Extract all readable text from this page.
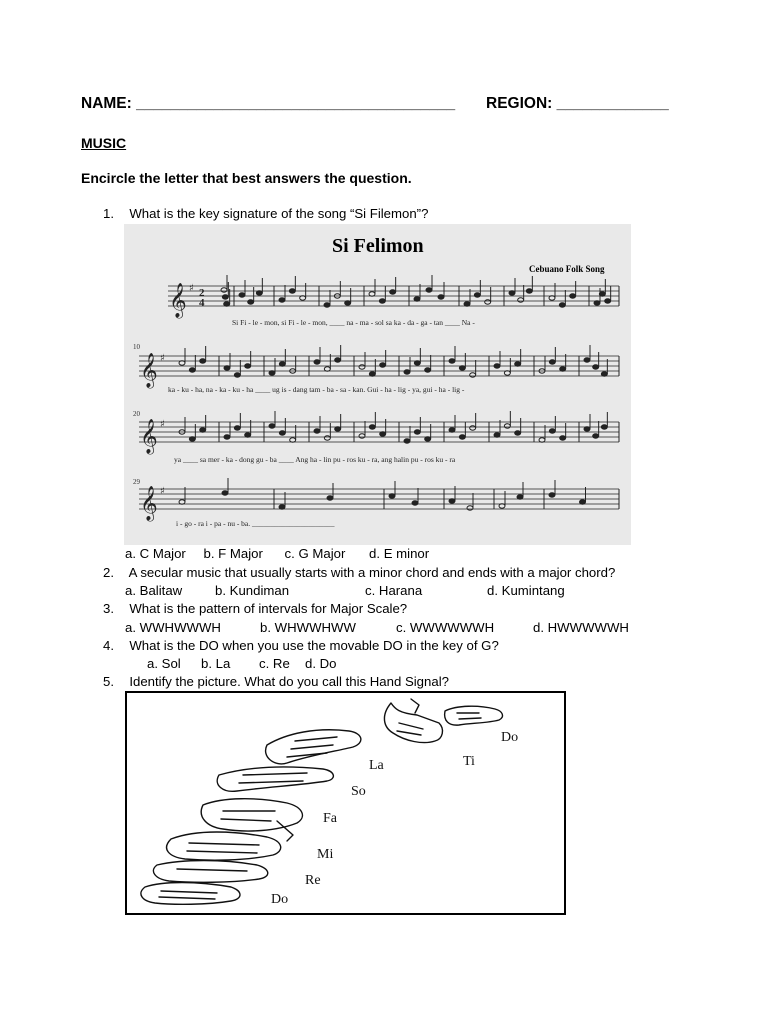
NAME: _____________________________________ REGION: _____________
MUSIC
Encircle the letter that best answers the question.
1. What is the key signature of the song “Si Filemon”?
Si Felimon
Cebuano Folk Song
𝄞
𝄞
𝄞
𝄞
♯
♯
♯
♯
2
4
10
20
29
Si Fi - le - mon, si Fi - le - mon, ____ na - ma - sol sa ka - da - ga - tan ____ Na -
ka - ku - ha, na - ka - ku - ha ____ ug is - dang tam - ba - sa - kan. Gui - ha - lig - ya, gui - ha - lig -
ya ____ sa mer - ka - dong gu - ba ____ Ang ha - lin pu - ros ku - ra, ang halin pu - ros ku - ra
i - go - ra i - pa - nu - ba. ______________________
a. C Major b. F Major c. G Major d. E minor
2. A secular music that usually starts with a minor chord and ends with a major chord?
a. Balitaw b. Kundiman	c. Harana	d. Kumintang
3. What is the pattern of intervals for Major Scale?
a. WWHWWWH	b. WHWWHWW	c. WWWWWWH	d. HWWWWWH
4. What is the DO when you use the movable DO in the key of G?
a. Sol b. La c. Re d. Do
5. Identify the picture. What do you call this Hand Signal?
Do
Ti
La
So
Fa
Mi
Re
Do
